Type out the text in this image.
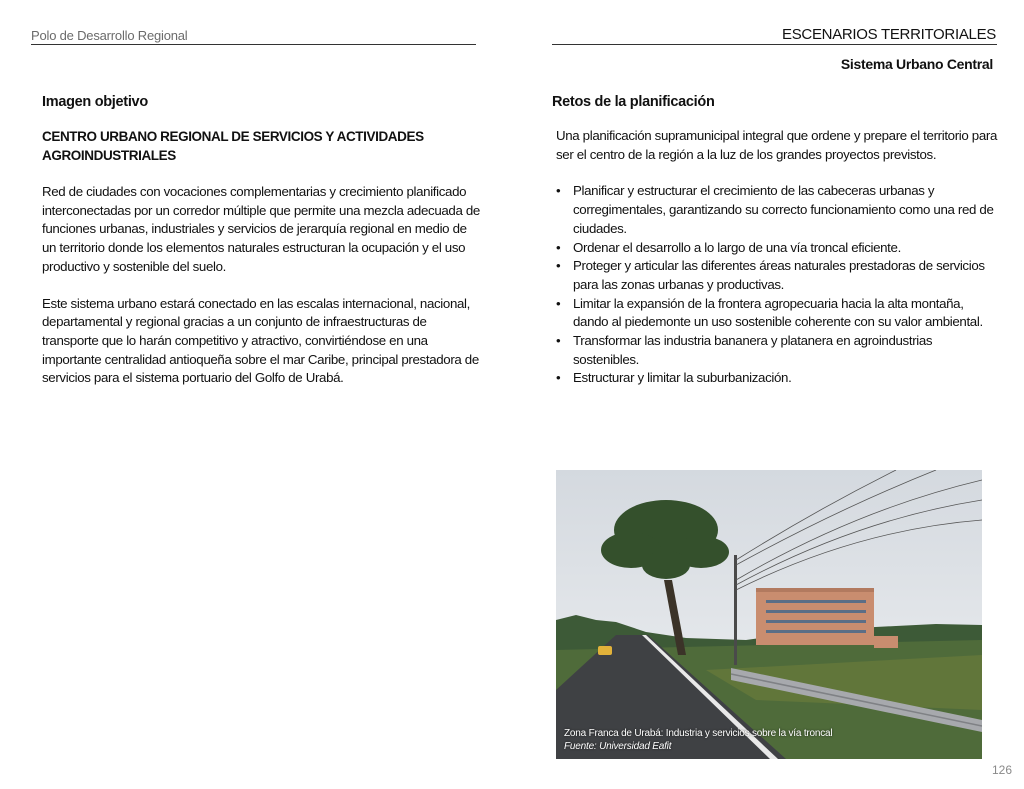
Polo de Desarrollo Regional	ESCENARIOS TERRITORIALES
Sistema Urbano Central
Imagen objetivo
CENTRO URBANO REGIONAL DE SERVICIOS Y ACTIVIDADES AGROINDUSTRIALES

Red de ciudades con vocaciones complementarias y crecimiento planificado interconectadas por un corredor múltiple que permite una mezcla adecuada de funciones urbanas, industriales y servicios de jerarquía regional en medio de un territorio donde los elementos naturales estructuran la ocupación y el uso productivo y sostenible del suelo.

Este sistema urbano estará conectado en las escalas internacional, nacional, departamental y regional gracias a un conjunto de infraestructuras de transporte que lo harán competitivo y atractivo, convirtiéndose en una importante centralidad antioqueña sobre el mar Caribe, principal prestadora de servicios para el sistema portuario del Golfo de Urabá.

Retos de la planificación
Una planificación supramunicipal integral que ordene y prepare el territorio para ser el centro de la región a la luz de los grandes proyectos previstos.
• Planificar y estructurar el crecimiento de las cabeceras urbanas y corregimentales, garantizando su correcto funcionamiento como una red de ciudades.
• Ordenar el desarrollo a lo largo de una vía troncal eficiente.
• Proteger y articular las diferentes áreas naturales prestadoras de servicios para las zonas urbanas y productivas.
• Limitar la expansión de la frontera agropecuaria hacia la alta montaña, dando al piedemonte un uso sostenible coherente con su valor ambiental.
• Transformar las industria bananera y platanera en agroindustrias sostenibles.
• Estructurar y limitar la suburbanización.
Zona Franca de Urabá: Industria y servicios sobre la vía troncal
Fuente: Universidad Eafit
126
